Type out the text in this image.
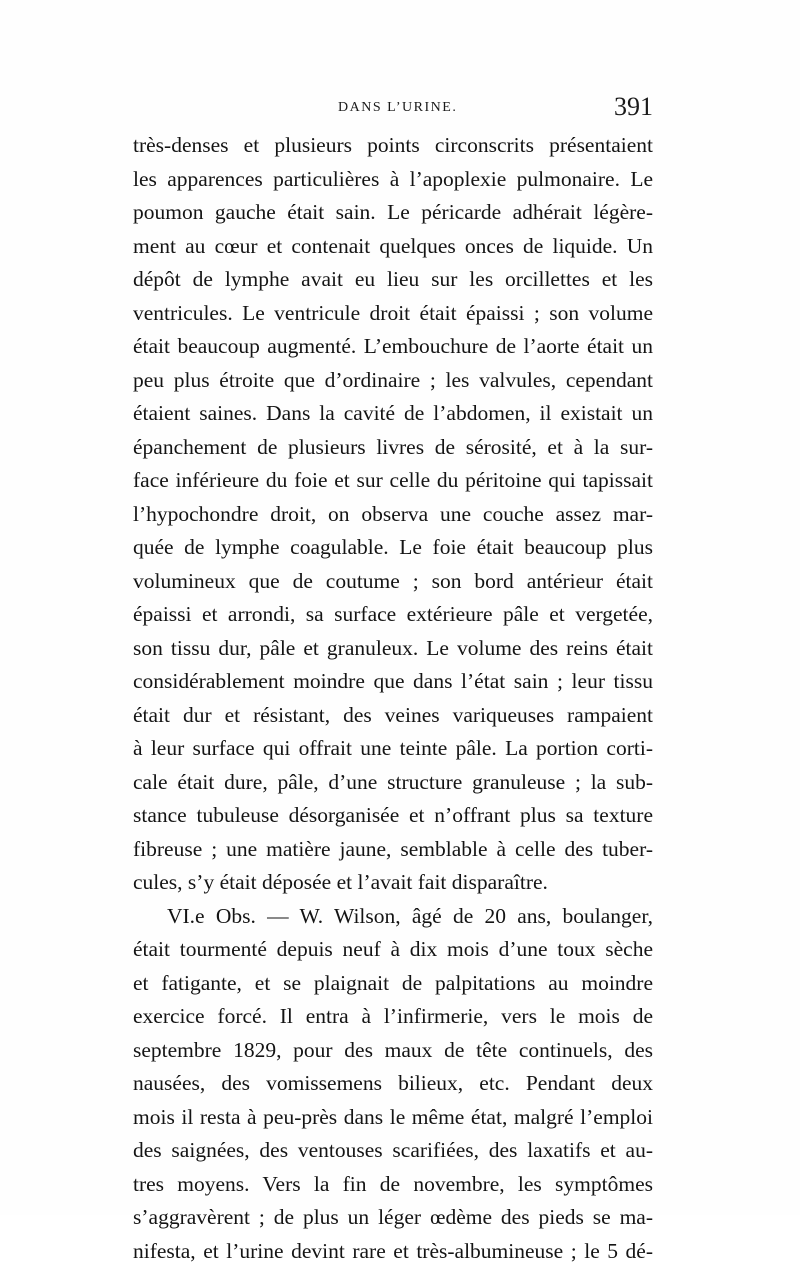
DANS L’URINE.	391
très-denses et plusieurs points circonscrits présentaient
les apparences particulières à l’apoplexie pulmonaire. Le
poumon gauche était sain. Le péricarde adhérait légère-
ment au cœur et contenait quelques onces de liquide. Un
dépôt de lymphe avait eu lieu sur les orcillettes et les
ventricules. Le ventricule droit était épaissi ; son volume
était beaucoup augmenté. L’embouchure de l’aorte était un
peu plus étroite que d’ordinaire ; les valvules, cependant
étaient saines. Dans la cavité de l’abdomen, il existait un
épanchement de plusieurs livres de sérosité, et à la sur-
face inférieure du foie et sur celle du péritoine qui tapissait
l’hypochondre droit, on observa une couche assez mar-
quée de lymphe coagulable. Le foie était beaucoup plus
volumineux que de coutume ; son bord antérieur était
épaissi et arrondi, sa surface extérieure pâle et vergetée,
son tissu dur, pâle et granuleux. Le volume des reins était
considérablement moindre que dans l’état sain ; leur tissu
était dur et résistant, des veines variqueuses rampaient
à leur surface qui offrait une teinte pâle. La portion corti-
cale était dure, pâle, d’une structure granuleuse ; la sub-
stance tubuleuse désorganisée et n’offrant plus sa texture
fibreuse ; une matière jaune, semblable à celle des tuber-
cules, s’y était déposée et l’avait fait disparaître.
VI.e Obs. — W. Wilson, âgé de 20 ans, boulanger,
était tourmenté depuis neuf à dix mois d’une toux sèche
et fatigante, et se plaignait de palpitations au moindre
exercice forcé. Il entra à l’infirmerie, vers le mois de
septembre 1829, pour des maux de tête continuels, des
nausées, des vomissemens bilieux, etc. Pendant deux
mois il resta à peu-près dans le même état, malgré l’emploi
des saignées, des ventouses scarifiées, des laxatifs et au-
tres moyens. Vers la fin de novembre, les symptômes
s’aggravèrent ; de plus un léger œdème des pieds se ma-
nifesta, et l’urine devint rare et très-albumineuse ; le 5 dé-
